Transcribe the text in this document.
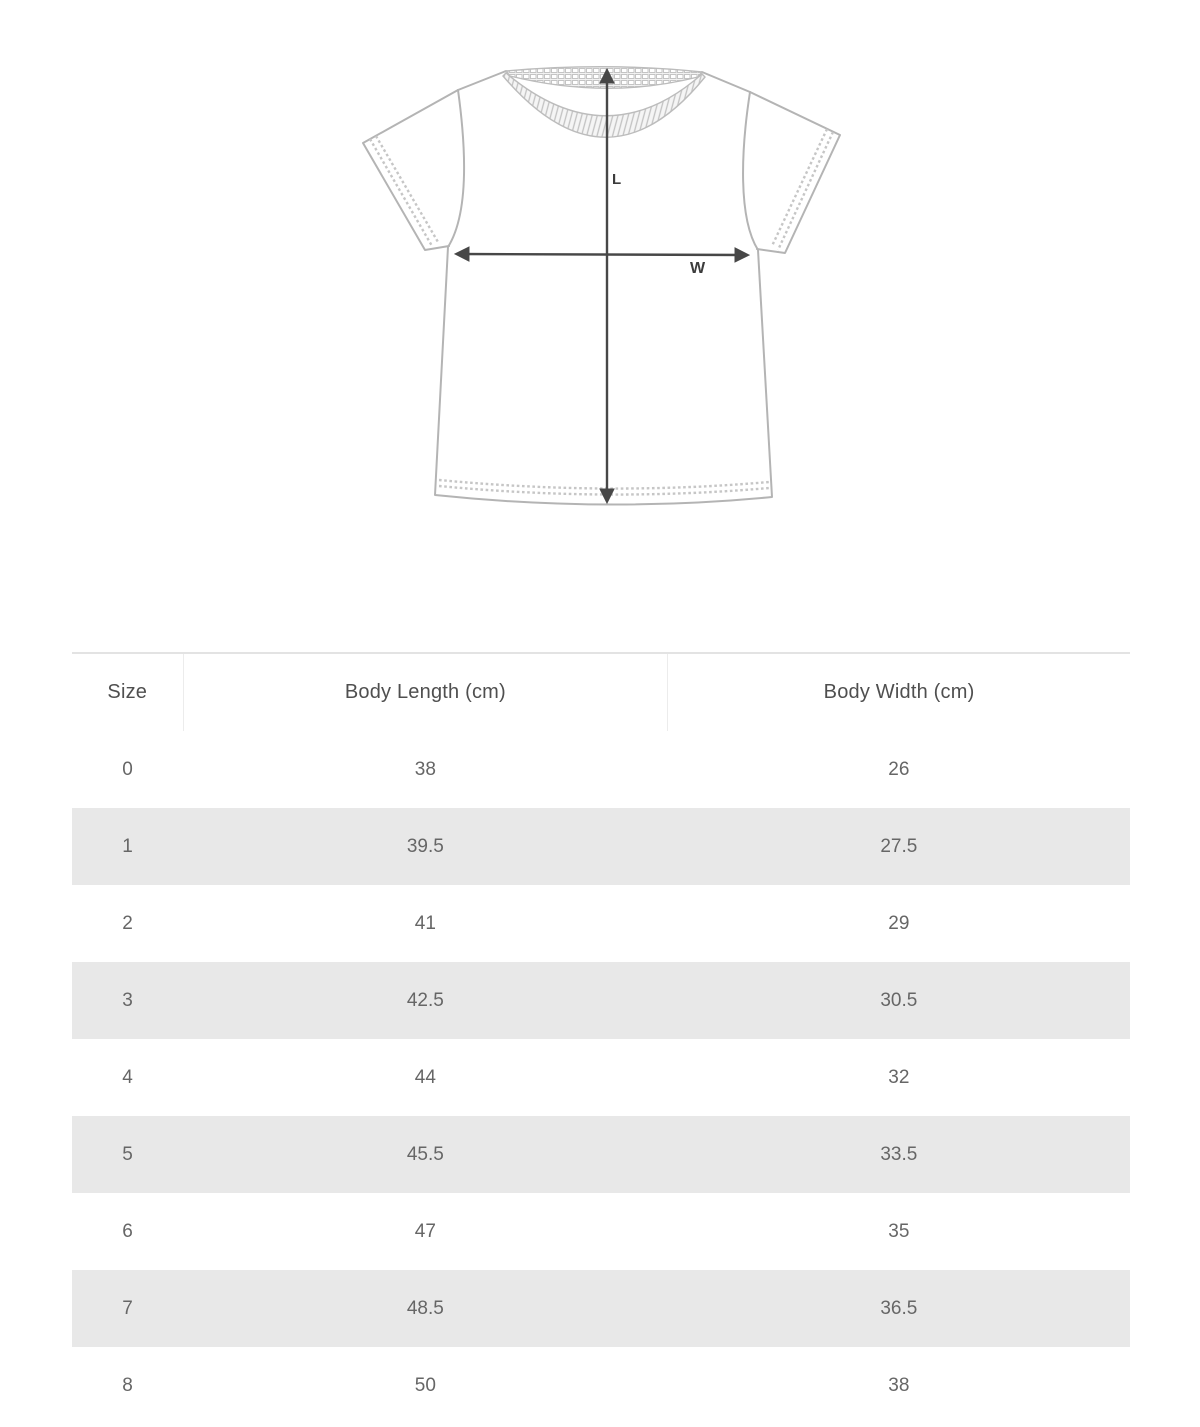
L
W
Size	Body Length (cm)	Body Width (cm)
0	38	26
1	39.5	27.5
2	41	29
3	42.5	30.5
4	44	32
5	45.5	33.5
6	47	35
7	48.5	36.5
8	50	38
